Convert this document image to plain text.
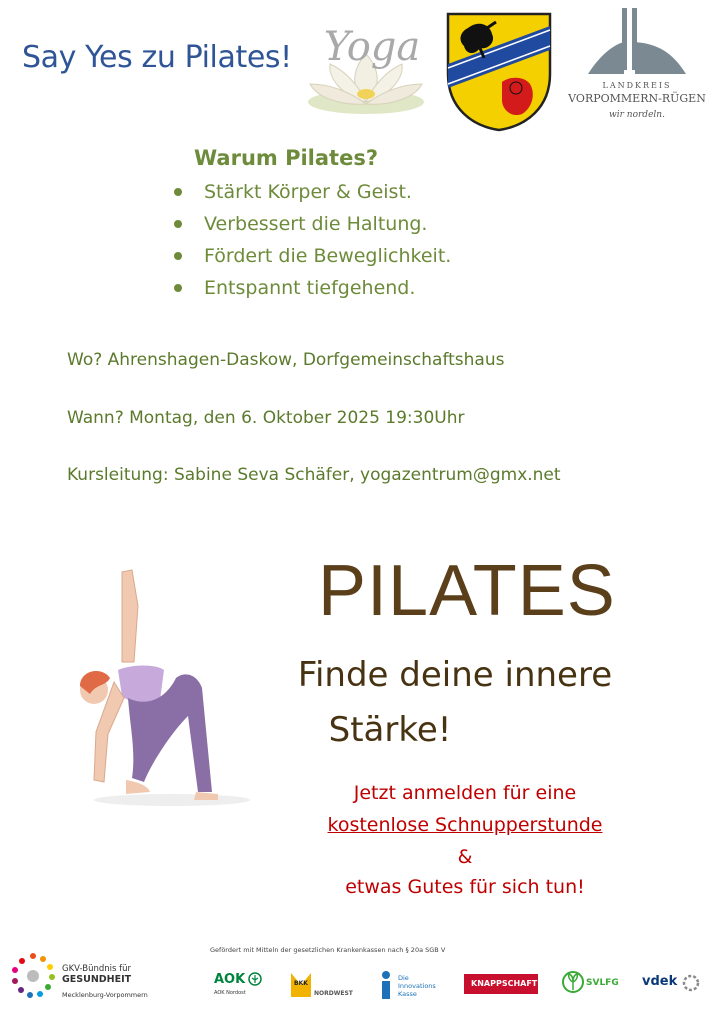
Say Yes zu Pilates! Yoga
LANDKREIS
VORPOMMERN-RÜGEN
wir nordeln.
Warum Pilates?
Stärkt Körper & Geist.
Verbessert die Haltung.
Fördert die Beweglichkeit.
Entspannt tiefgehend.
Wo? Ahrenshagen-Daskow, Dorfgemeinschaftshaus
Wann? Montag, den 6. Oktober 2025 19:30Uhr
Kursleitung: Sabine Seva Schäfer, yogazentrum@gmx.net
PILATES
Finde deine innere
Stärke!
Jetzt anmelden für eine
kostenlose Schnupperstunde
&
etwas Gutes für sich tun!
Gefördert mit Mitteln der gesetzlichen Krankenkassen nach § 20a SGB V
GKV-Bündnis für
GESUNDHEIT
Mecklenburg-Vorpommern
AOK
AOK Nordost
BKK
NORDWEST
Die Innovations Kasse
KNAPPSCHAFT	SVLFG vdek
